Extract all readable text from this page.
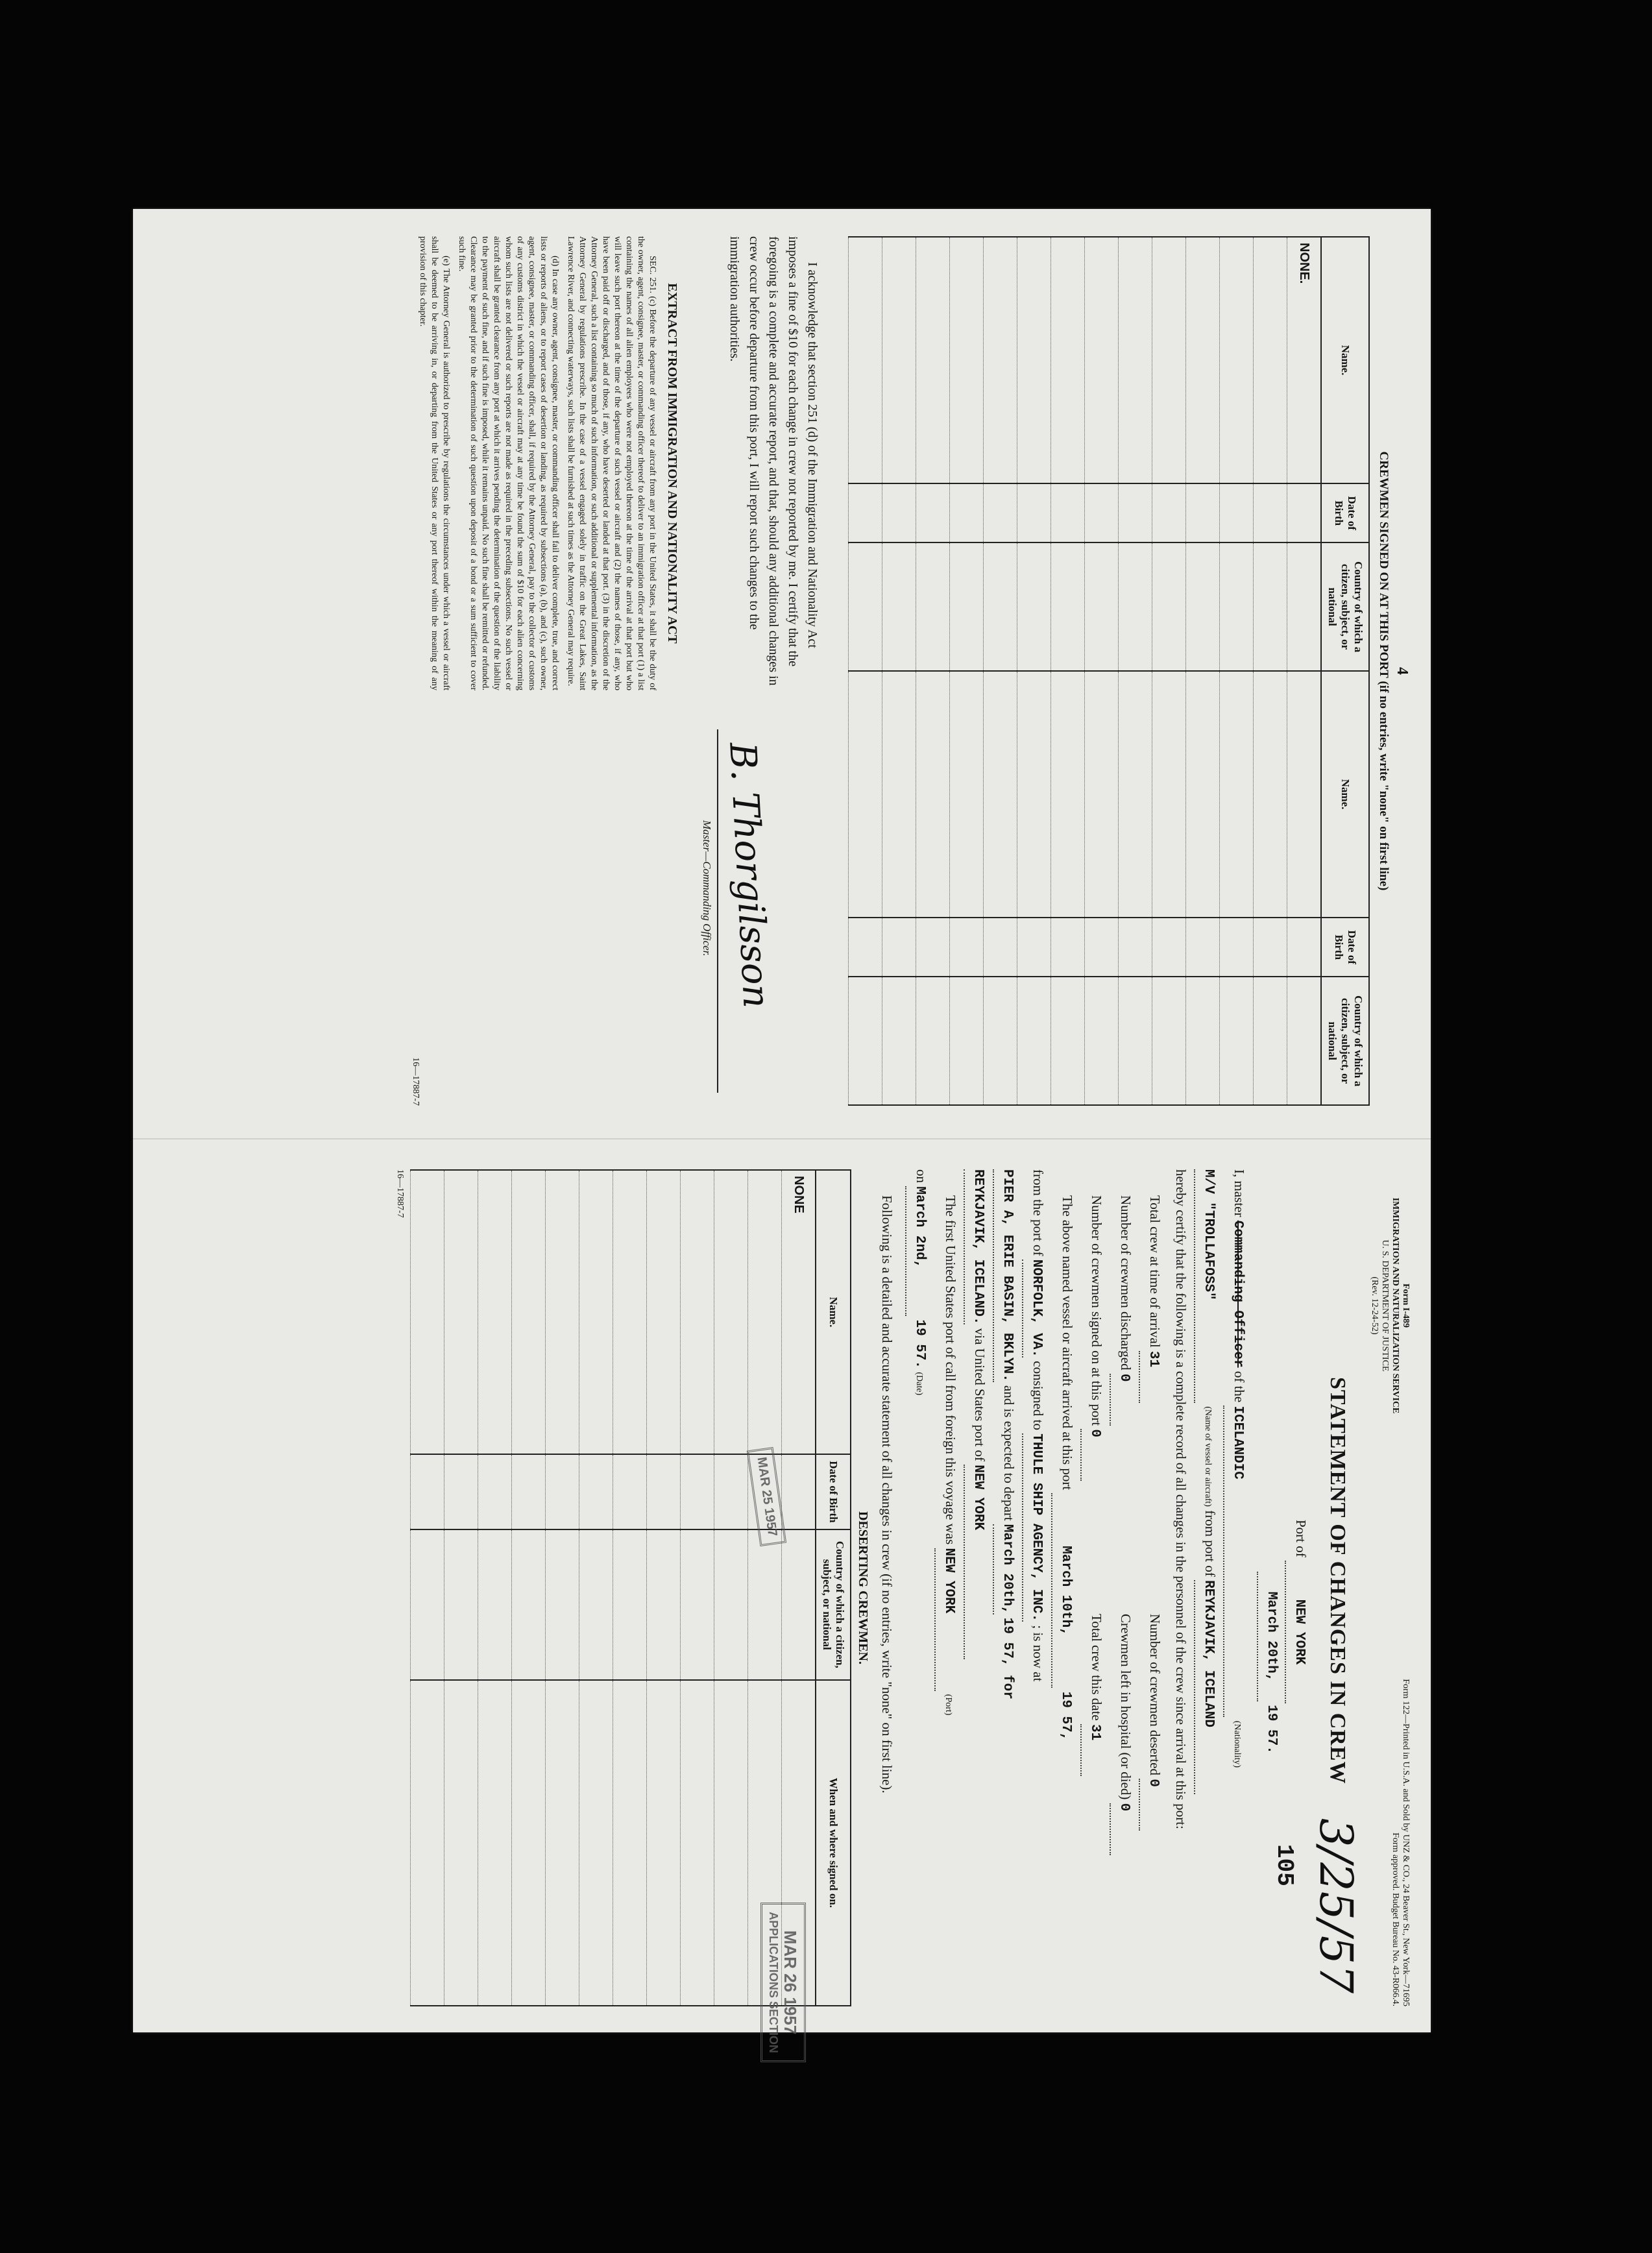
4
CREWMEN SIGNED ON AT THIS PORT (if no entries, write "none" on first line)
Name.	Date of Birth	Country of which a citizen, subject, or national	Name.	Date of Birth	Country of which a citizen, subject, or national
NONE.					

I acknowledge that section 251 (d) of the Immigration and Nationality Act imposes a fine of $10 for each change in crew not reported by me. I certify that the foregoing is a complete and accurate report, and that, should any additional changes in crew occur before departure from this port, I will report such changes to the immigration authorities.

EXTRACT FROM IMMIGRATION AND NATIONALITY ACT

SEC. 251. (c) Before the departure of any vessel or aircraft from any port in the United States, it shall be the duty of the owner, agent, consignee, master, or commanding officer thereof to deliver to an immigration officer at that port (1) a list containing the names of all alien employees who were not employed thereon at the time of the arrival at that port but who will leave such port thereon at the time of the departure of such vessel or aircraft and (2) the names of those, if any, who have been paid off or discharged, and of those, if any, who have deserted or landed at that port. (3) in the discretion of the Attorney General, such a list containing so much of such information, or such additional or supplemental information, as the Attorney General by regulations prescribe. In the case of a vessel engaged solely in traffic on the Great Lakes, Saint Lawrence River, and connecting waterways, such lists shall be furnished at such times as the Attorney General may require.

(d) In case any owner, agent, consignee, master, or commanding officer shall fail to deliver complete, true, and correct lists or reports of aliens, or to report cases of desertion or landing, as required by subsections (a), (b), and (c), such owner, agent, consignee, master, or commanding officer, shall, if required by the Attorney General, pay to the collector of customs of any customs district in which the vessel or aircraft may at any time be found the sum of $10 for each alien concerning whom such lists are not delivered or such reports are not made as required in the preceding subsections. No such vessel or aircraft shall be granted clearance from any port at which it arrives pending the determination of the question of the liability to the payment of such fine, and if such fine is imposed, while it remains unpaid. No such fine shall be remitted or refunded. Clearance may be granted prior to the determination of such question upon deposit of a bond or a sum sufficient to cover such fine.

(e) The Attorney General is authorized to prescribe by regulations the circumstances under which a vessel or aircraft shall be deemed to be arriving in, or departing from the United States or any port thereof within the meaning of any provision of this chapter.

B. Thorgilsson
Master—Commanding Officer.
16—17887-7
Form I-489
IMMIGRATION AND NATURALIZATION SERVICE
U. S. DEPARTMENT OF JUSTICE
(Rev. 12-24-52)
Form 122—Printed in U.S.A. and Sold by UNZ & CO., 24 Beaver St., New York—71695
Form approved. Budget Bureau No. 43-R066.4.
STATEMENT OF CHANGES IN CREW
3/25/57
105
Port of NEW YORK
March 20th, 19 57.
I, master Commanding Officer of the ICELANDIC (Nationality)
M/V "TROLLAFOSS" (Name of vessel or aircraft) from port of REYKJAVIK, ICELAND
hereby certify that the following is a complete record of all changes in the personnel of the crew since arrival at this port:
Total crew at time of arrival 31
Number of crewmen deserted 0
Number of crewmen discharged 0
Crewmen left in hospital (or died) 0
Number of crewmen signed on at this port 0
Total crew this date 31
The above named vessel or aircraft arrived at this port March 10th, 19 57,
from the port of NORFOLK, VA. consigned to THULE SHIP AGENCY, INC. ; is now at
PIER A, ERIE BASIN, BKLYN. and is expected to depart March 20th, 19 57, for
REYKJAVIK, ICELAND. via United States port of NEW YORK
The first United States port of call from foreign this voyage was NEW YORK (Port)
on March 2nd, 19 57. (Date)
Following is a detailed and accurate statement of all changes in crew (if no entries, write "none" on first line).
DESERTING CREWMEN.
Name.	Date of Birth	Country of which a citizen, subject, or national	When and where signed on.
NONE			

MAR 25 1957
MAR 26 1957
APPLICATIONS SECTION
16—17887-7
